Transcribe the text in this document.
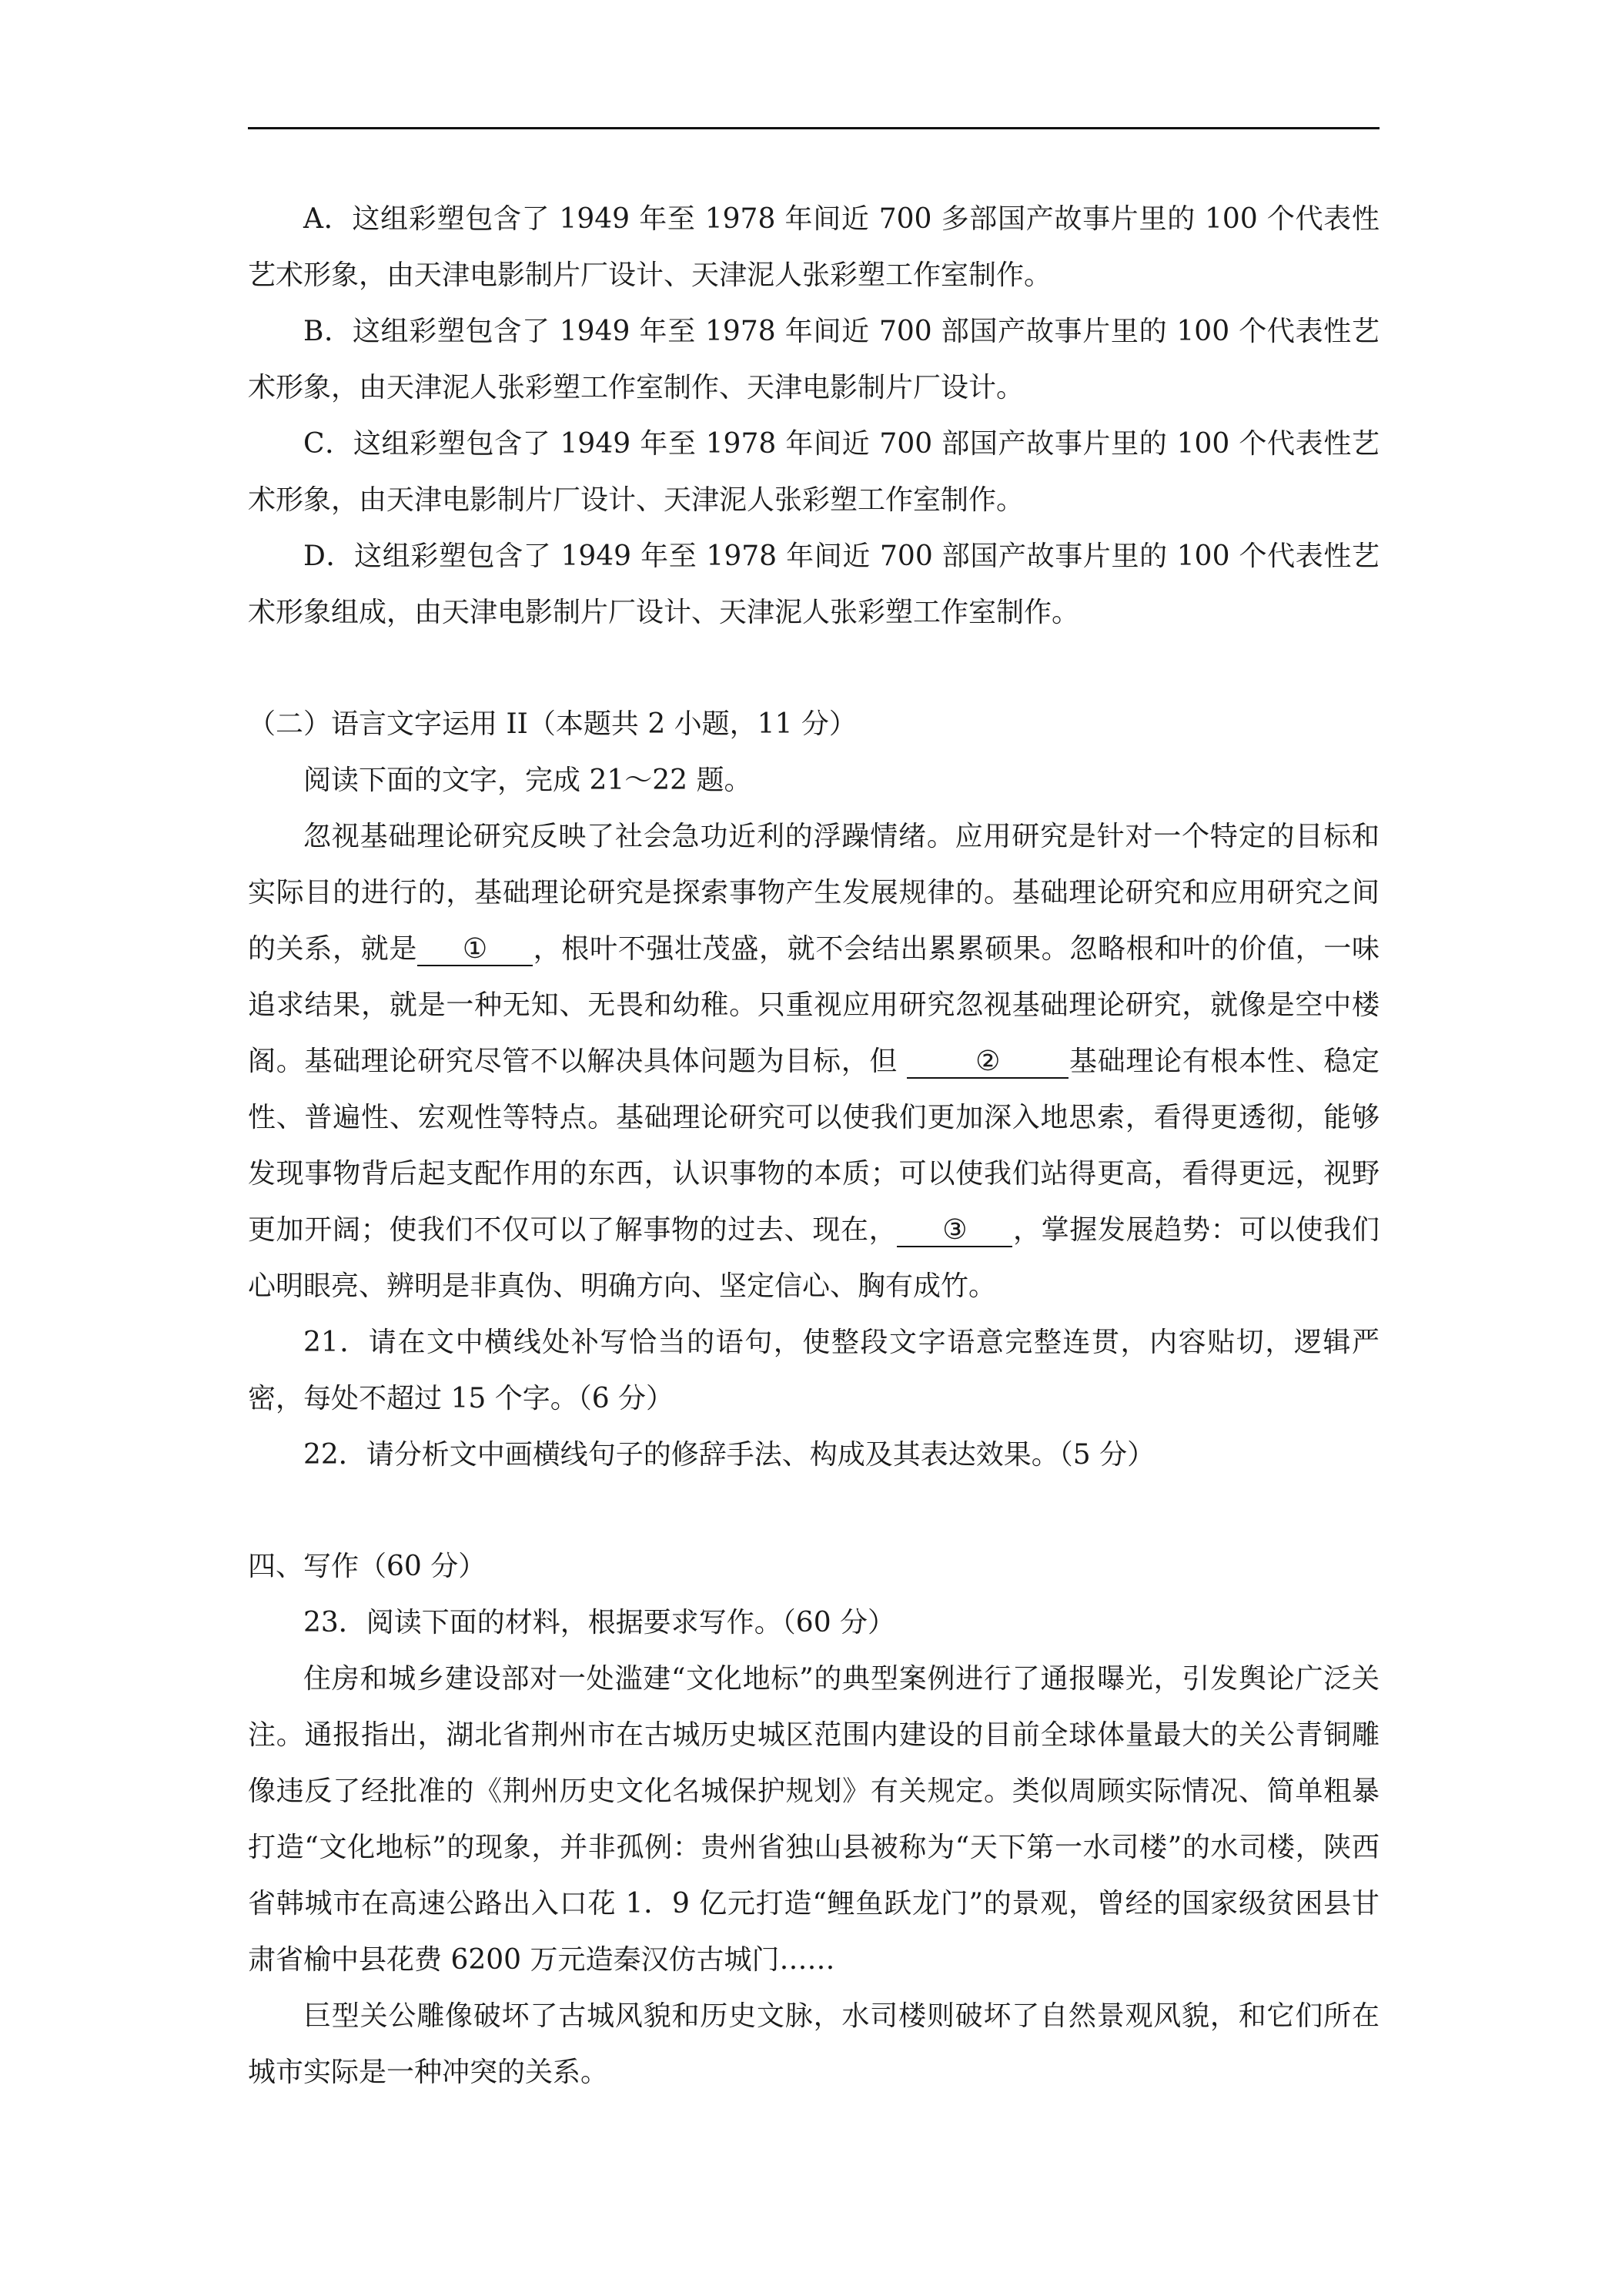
A．这组彩塑包含了 1949 年至 1978 年间近 700 多部国产故事片里的 100 个代表性艺术形象，由天津电影制片厂设计、天津泥人张彩塑工作室制作。

B．这组彩塑包含了 1949 年至 1978 年间近 700 部国产故事片里的 100 个代表性艺术形象，由天津泥人张彩塑工作室制作、天津电影制片厂设计。

C．这组彩塑包含了 1949 年至 1978 年间近 700 部国产故事片里的 100 个代表性艺术形象，由天津电影制片厂设计、天津泥人张彩塑工作室制作。

D．这组彩塑包含了 1949 年至 1978 年间近 700 部国产故事片里的 100 个代表性艺术形象组成，由天津电影制片厂设计、天津泥人张彩塑工作室制作。

（二）语言文字运用 II（本题共 2 小题，11 分）

阅读下面的文字，完成 21～22 题。

忽视基础理论研究反映了社会急功近利的浮躁情绪。应用研究是针对一个特定的目标和实际目的进行的，基础理论研究是探索事物产生发展规律的。基础理论研究和应用研究之间的关系，就是 ① ，根叶不强壮茂盛，就不会结出累累硕果。忽略根和叶的价值，一味追求结果，就是一种无知、无畏和幼稚。只重视应用研究忽视基础理论研究，就像是空中楼阁。基础理论研究尽管不以解决具体问题为目标，但 ② 基础理论有根本性、稳定性、普遍性、宏观性等特点。基础理论研究可以使我们更加深入地思索，看得更透彻，能够发现事物背后起支配作用的东西，认识事物的本质；可以使我们站得更高，看得更远，视野更加开阔；使我们不仅可以了解事物的过去、现在， ③ ，掌握发展趋势：可以使我们心明眼亮、辨明是非真伪、明确方向、坚定信心、胸有成竹。

21．请在文中横线处补写恰当的语句，使整段文字语意完整连贯，内容贴切，逻辑严密，每处不超过 15 个字。（6 分）

22．请分析文中画横线句子的修辞手法、构成及其表达效果。（5 分）

四、写作（60 分）

23．阅读下面的材料，根据要求写作。（60 分）

住房和城乡建设部对一处滥建“文化地标”的典型案例进行了通报曝光，引发舆论广泛关注。通报指出，湖北省荆州市在古城历史城区范围内建设的目前全球体量最大的关公青铜雕像违反了经批准的《荆州历史文化名城保护规划》有关规定。类似周顾实际情况、简单粗暴打造“文化地标”的现象，并非孤例：贵州省独山县被称为“天下第一水司楼”的水司楼，陕西省韩城市在高速公路出入口花 1．9 亿元打造“鲤鱼跃龙门”的景观，曾经的国家级贫困县甘肃省榆中县花费 6200 万元造秦汉仿古城门……

巨型关公雕像破坏了古城风貌和历史文脉，水司楼则破坏了自然景观风貌，和它们所在城市实际是一种冲突的关系。
